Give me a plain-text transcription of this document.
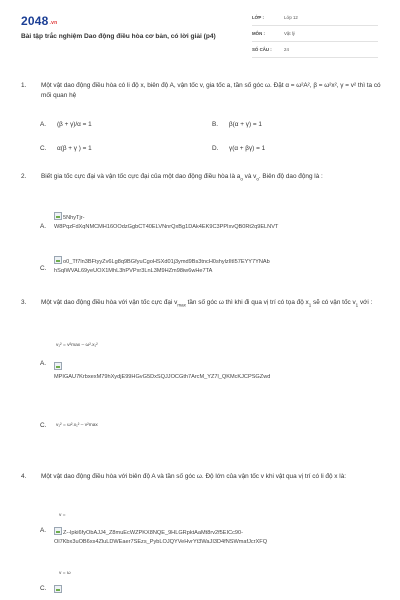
2048.vn
Bài tập trắc nghiệm Dao động điều hòa cơ bản, có lời giải (p4)
LỚP :	Lớp 12
MÔN :	Vật lý
SỐ CÂU :	24
1. Một vật dao động điều hòa có li độ x, biên độ A, vận tốc v, gia tốc a, tần số góc ω. Đặt α = ω²A², β = ω²x², γ = v² thì ta có mối quan hệ
A. (β + γ)/α = 1	B. β(α + γ) = 1
C. α(β + γ ) = 1	D. γ(α + βγ) = 1
2. Biết gia tốc cực đại và vận tốc cực đại của một dao động điều hòa là $a_o$ và $v_o$. Biên độ dao động là :
A.
5NhyTjr-
W8PqzFdXqNMCMH16OOdzGgbCT40ELVNnrQxBg1DAk4EK9C3PPIxvQB0Rt2q9ELNVT
C.
o0_Tf7ln3BFtyyZv6Lg8q9BGfyuCgoHSXd01j3ymd9Bs3tncH0shylzIltI57EYY7YNAb
hSqIWVAL69yeUOX1MhL3hPVPxr3LnL3M9HZm98iw6wHe7TA
3. Một vật dao động điều hòa với vận tốc cực đại $v_{max}$ tần số góc ω thì khi đi qua vị trí có tọa độ $x_1$ sẽ có vận tốc $v_1$ với :
v₁² = v²max – ω².x₁²
A.

MPIGAU7KrbxexM79hXydjE99HGvG5DxSQJJOCGth7ArcM_YZ7l_QKMcKJCPSGZwd
C. v₁² = ω².x₁² – v²max
4. Một vật dao động điều hòa với biên độ A và tần số góc ω. Độ lớn của vận tốc v khi vật qua vị trí có li độ x là:
v =
A.	Z--lpki6fyObAJJ4_Z8muEcWZPKX8NQE_9HLGRpktAaMt8rv2f5EICc90-
Ol7Kbx3uOB6xs4ZluLDWEaer7SEzs_PybLOJQYVeHvrYt3WaJI3D4fNSWmafJcrXFQ
v = ω
C.
